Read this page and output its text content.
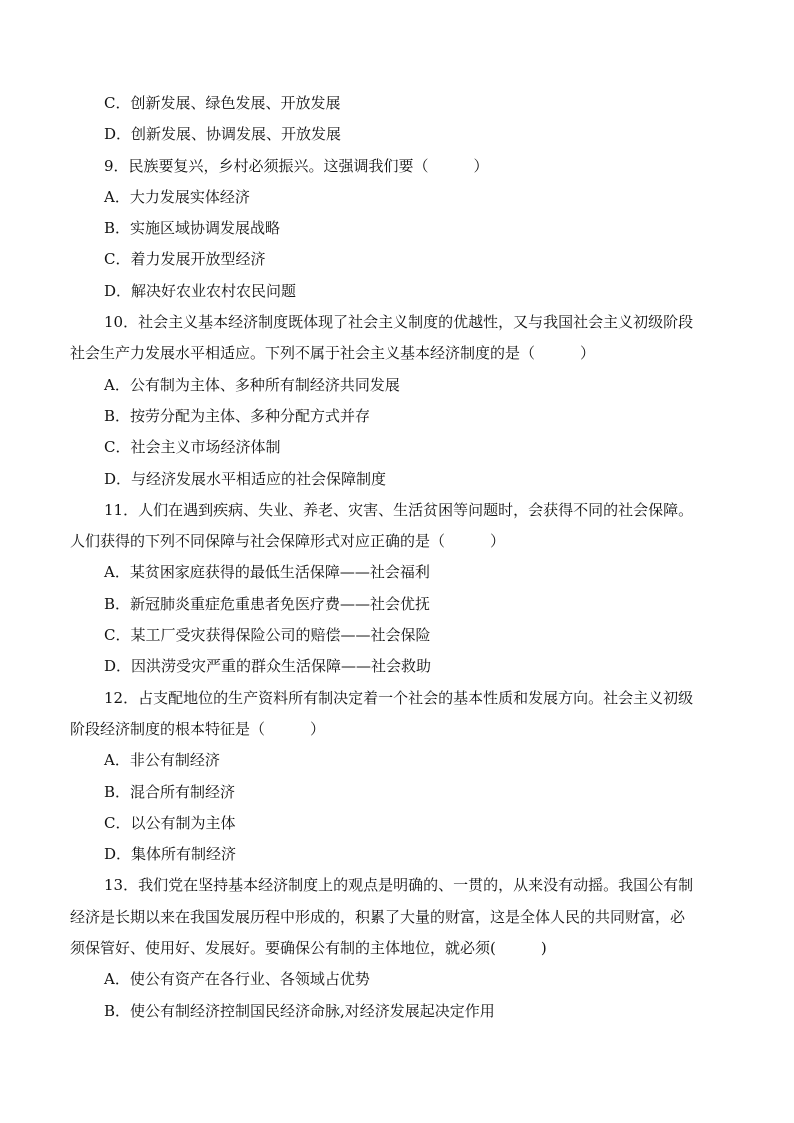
C．创新发展、绿色发展、开放发展
D．创新发展、协调发展、开放发展
9．民族要复兴，乡村必须振兴。这强调我们要（　　　）
A．大力发展实体经济
B．实施区域协调发展战略
C．着力发展开放型经济
D．解决好农业农村农民问题
10．社会主义基本经济制度既体现了社会主义制度的优越性，又与我国社会主义初级阶段
社会生产力发展水平相适应。下列不属于社会主义基本经济制度的是（　　　）
A．公有制为主体、多种所有制经济共同发展
B．按劳分配为主体、多种分配方式并存
C．社会主义市场经济体制
D．与经济发展水平相适应的社会保障制度
11．人们在遇到疾病、失业、养老、灾害、生活贫困等问题时，会获得不同的社会保障。
人们获得的下列不同保障与社会保障形式对应正确的是（　　　）
A．某贫困家庭获得的最低生活保障——社会福利
B．新冠肺炎重症危重患者免医疗费——社会优抚
C．某工厂受灾获得保险公司的赔偿——社会保险
D．因洪涝受灾严重的群众生活保障——社会救助
12．占支配地位的生产资料所有制决定着一个社会的基本性质和发展方向。社会主义初级
阶段经济制度的根本特征是（　　　）
A．非公有制经济
B．混合所有制经济
C．以公有制为主体
D．集体所有制经济
13．我们党在坚持基本经济制度上的观点是明确的、一贯的，从来没有动摇。我国公有制
经济是长期以来在我国发展历程中形成的，积累了大量的财富，这是全体人民的共同财富，必
须保管好、使用好、发展好。要确保公有制的主体地位，就必须(　　　)
A．使公有资产在各行业、各领域占优势
B．使公有制经济控制国民经济命脉,对经济发展起决定作用
